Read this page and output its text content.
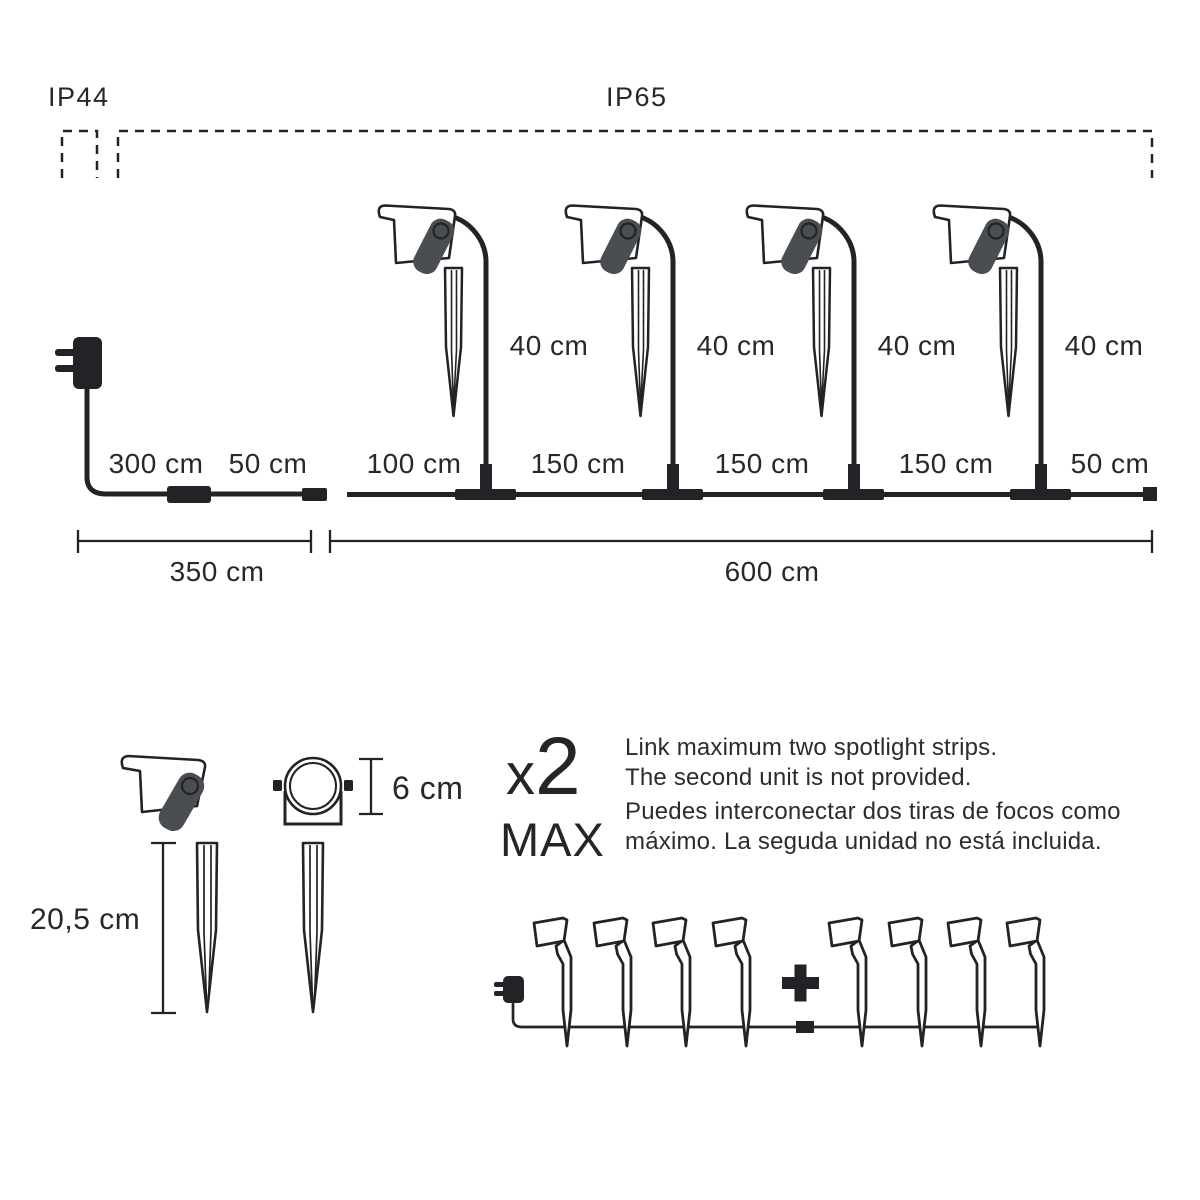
IP44	IP65
40 cm	40 cm	40 cm	40 cm
300 cm 50 cm 100 cm 150 cm	150 cm	150 cm	50 cm
350 cm	600 cm
20,5 cm
6 cm x 2
MAX
Link maximum two spotlight strips.
The second unit is not provided.
Puedes interconectar dos tiras de focos como
máximo. La seguda unidad no está incluida.
